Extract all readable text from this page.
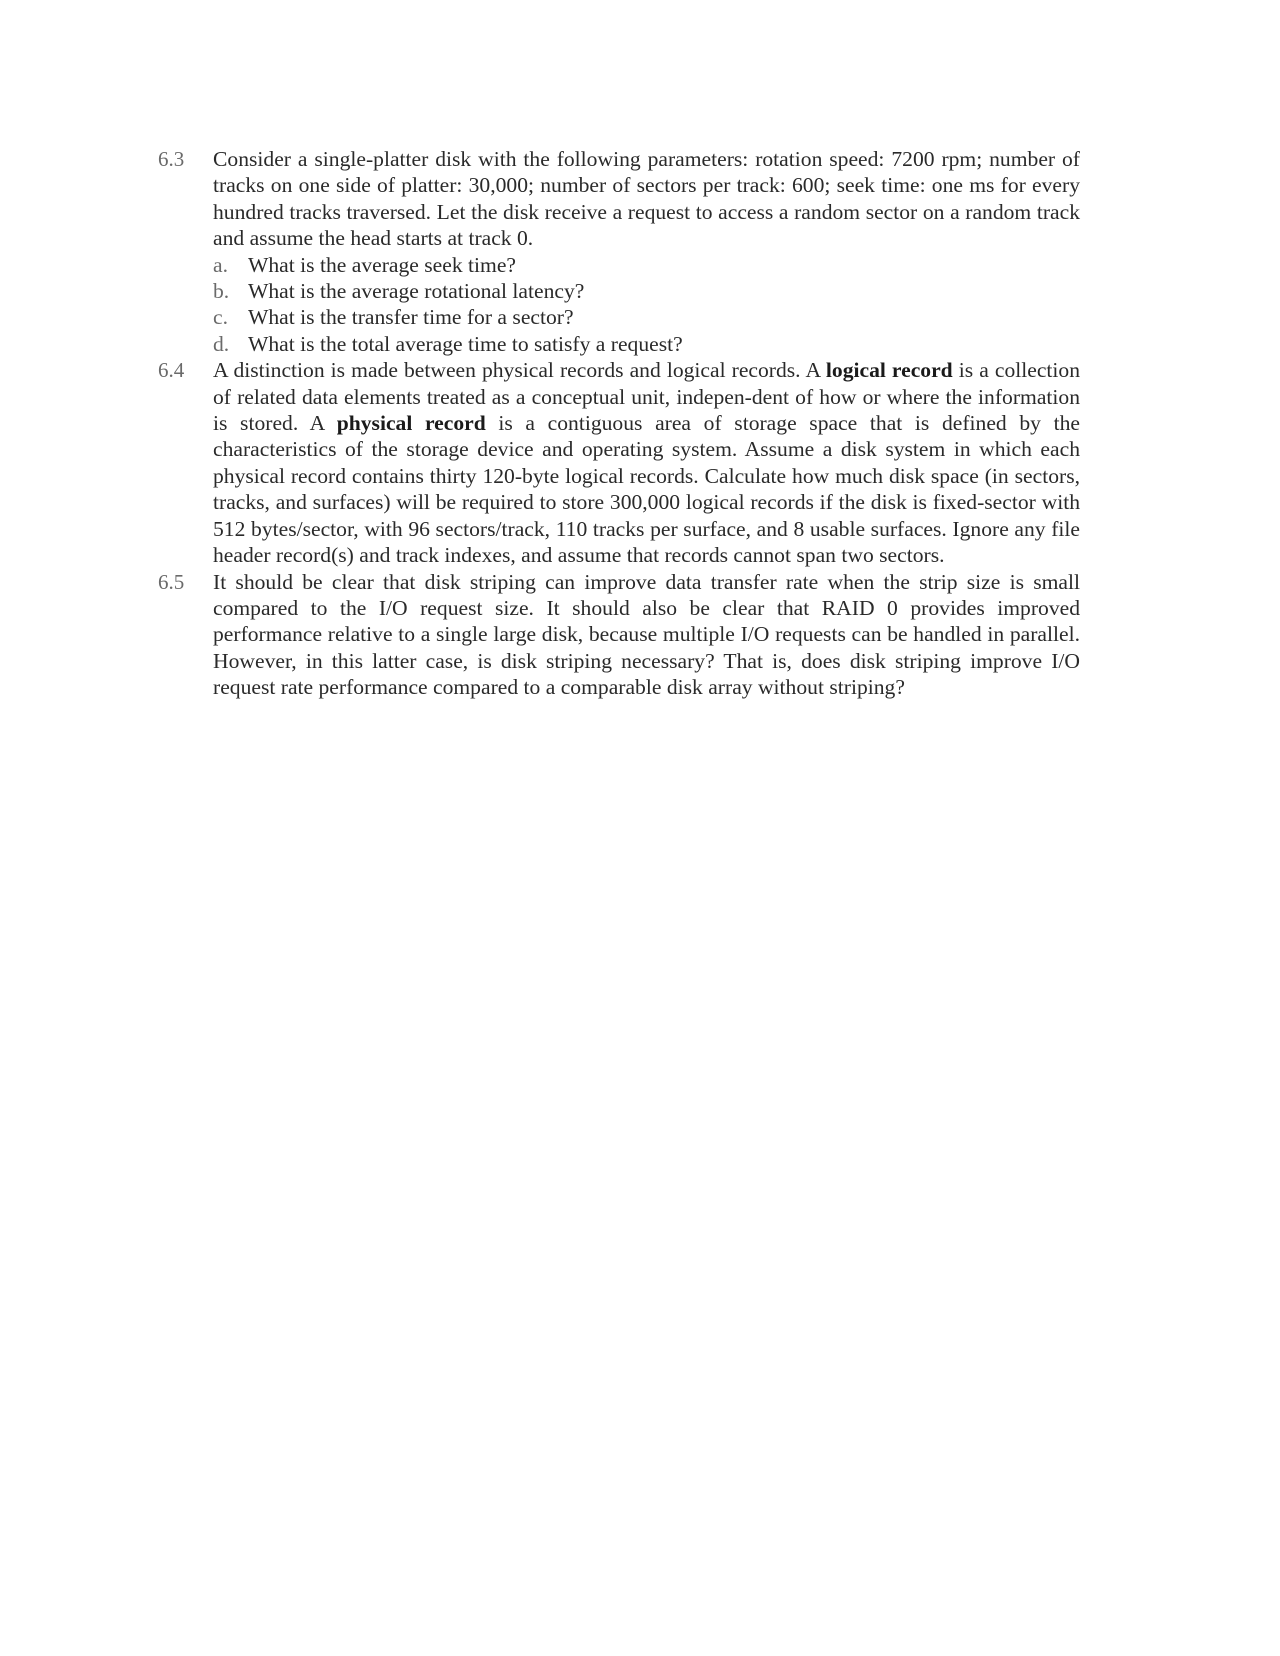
6.3	Consider a single-platter disk with the following parameters: rotation speed: 7200 rpm; number of tracks on one side of platter: 30,000; number of sectors per track: 600; seek time: one ms for every hundred tracks traversed. Let the disk receive a request to access a random sector on a random track and assume the head starts at track 0.
a. What is the average seek time?
b. What is the average rotational latency?
c. What is the transfer time for a sector?
d. What is the total average time to satisfy a request?
6.4	A distinction is made between physical records and logical records. A logical record is a collection of related data elements treated as a conceptual unit, indepen-dent of how or where the information is stored. A physical record is a contiguous area of storage space that is defined by the characteristics of the storage device and operating system. Assume a disk system in which each physical record contains thirty 120-byte logical records. Calculate how much disk space (in sectors, tracks, and surfaces) will be required to store 300,000 logical records if the disk is fixed-sector with 512 bytes/sector, with 96 sectors/track, 110 tracks per surface, and 8 usable surfaces. Ignore any file header record(s) and track indexes, and assume that records cannot span two sectors.
6.5	It should be clear that disk striping can improve data transfer rate when the strip size is small compared to the I/O request size. It should also be clear that RAID 0 provides improved performance relative to a single large disk, because multiple I/O requests can be handled in parallel. However, in this latter case, is disk striping necessary? That is, does disk striping improve I/O request rate performance compared to a comparable disk array without striping?
